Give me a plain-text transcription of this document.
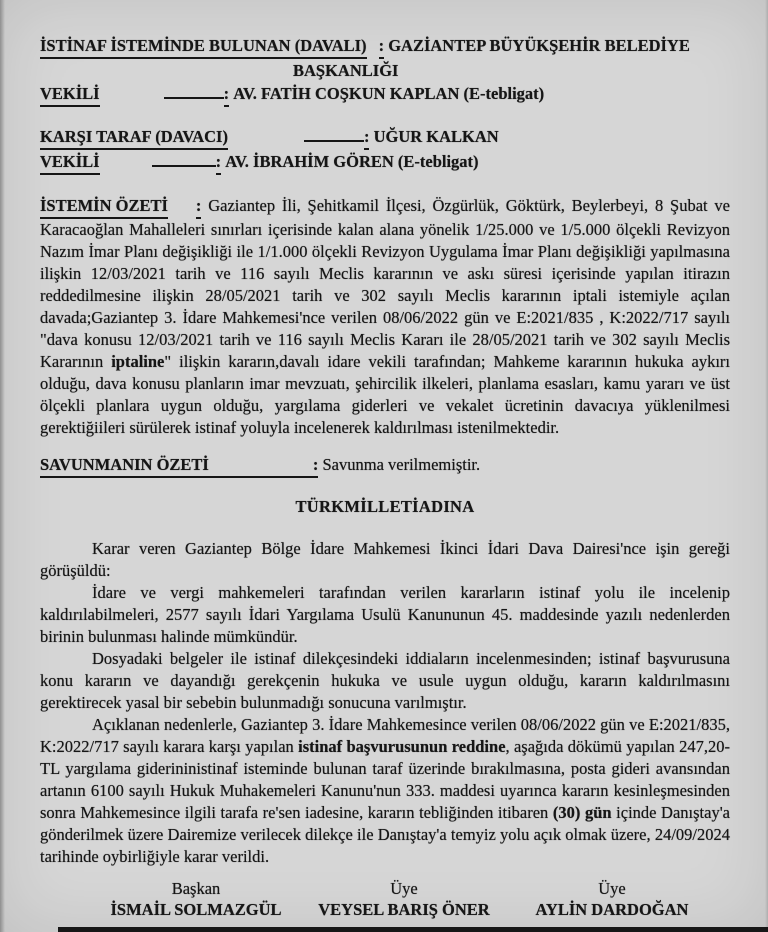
İSTİNAF İSTEMİNDE BULUNAN (DAVALI) : GAZİANTEP BÜYÜKŞEHİR BELEDİYE
BAŞKANLIĞI
VEKİLİ	: AV. FATİH COŞKUN KAPLAN (E-tebligat)
KARŞI TARAF (DAVACI)	: UĞUR KALKAN
VEKİLİ	: AV. İBRAHİM GÖREN (E-tebligat)

İSTEMİN ÖZETİ : Gaziantep İli, Şehitkamil İlçesi, Özgürlük, Göktürk, Beylerbeyi, 8 Şubat ve Karacaoğlan Mahalleleri sınırları içerisinde kalan alana yönelik 1/25.000 ve 1/5.000 ölçekli Revizyon Nazım İmar Planı değişikliği ile 1/1.000 ölçekli Revizyon Uygulama İmar Planı değişikliği yapılmasına ilişkin 12/03/2021 tarih ve 116 sayılı Meclis kararının ve askı süresi içerisinde yapılan itirazın reddedilmesine ilişkin 28/05/2021 tarih ve 302 sayılı Meclis kararının iptali istemiyle açılan davada;Gaziantep 3. İdare Mahkemesi'nce verilen 08/06/2022 gün ve E:2021/835 , K:2022/717 sayılı "dava konusu 12/03/2021 tarih ve 116 sayılı Meclis Kararı ile 28/05/2021 tarih ve 302 sayılı Meclis Kararının iptaline" ilişkin kararın,davalı idare vekili tarafından; Mahkeme kararının hukuka aykırı olduğu, dava konusu planların imar mevzuatı, şehircilik ilkeleri, planlama esasları, kamu yararı ve üst ölçekli planlara uygun olduğu, yargılama giderleri ve vekalet ücretinin davacıya yüklenilmesi gerektiğiileri sürülerek istinaf yoluyla incelenerek kaldırılması istenilmektedir.

SAVUNMANIN ÖZETİ	: Savunma verilmemiştir.
TÜRKMİLLETİADINA

Karar veren Gaziantep Bölge İdare Mahkemesi İkinci İdari Dava Dairesi'nce işin gereği görüşüldü:

İdare ve vergi mahkemeleri tarafından verilen kararların istinaf yolu ile incelenip kaldırılabilmeleri, 2577 sayılı İdari Yargılama Usulü Kanununun 45. maddesinde yazılı nedenlerden birinin bulunması halinde mümkündür.

Dosyadaki belgeler ile istinaf dilekçesindeki iddiaların incelenmesinden; istinaf başvurusuna konu kararın ve dayandığı gerekçenin hukuka ve usule uygun olduğu, kararın kaldırılmasını gerektirecek yasal bir sebebin bulunmadığı sonucuna varılmıştır.

Açıklanan nedenlerle, Gaziantep 3. İdare Mahkemesince verilen 08/06/2022 gün ve E:2021/835, K:2022/717 sayılı karara karşı yapılan istinaf başvurusunun reddine, aşağıda dökümü yapılan 247,20-TL yargılama giderininistinaf isteminde bulunan taraf üzerinde bırakılmasına, posta gideri avansından artanın 6100 sayılı Hukuk Muhakemeleri Kanunu'nun 333. maddesi uyarınca kararın kesinleşmesinden sonra Mahkemesince ilgili tarafa re'sen iadesine, kararın tebliğinden itibaren (30) gün içinde Danıştay'a gönderilmek üzere Dairemize verilecek dilekçe ile Danıştay'a temyiz yolu açık olmak üzere, 24/09/2024 tarihinde oybirliğiyle karar verildi.

Başkan
İSMAİL SOLMAZGÜL
Üye
VEYSEL BARIŞ ÖNER
Üye
AYLİN DARDOĞAN
